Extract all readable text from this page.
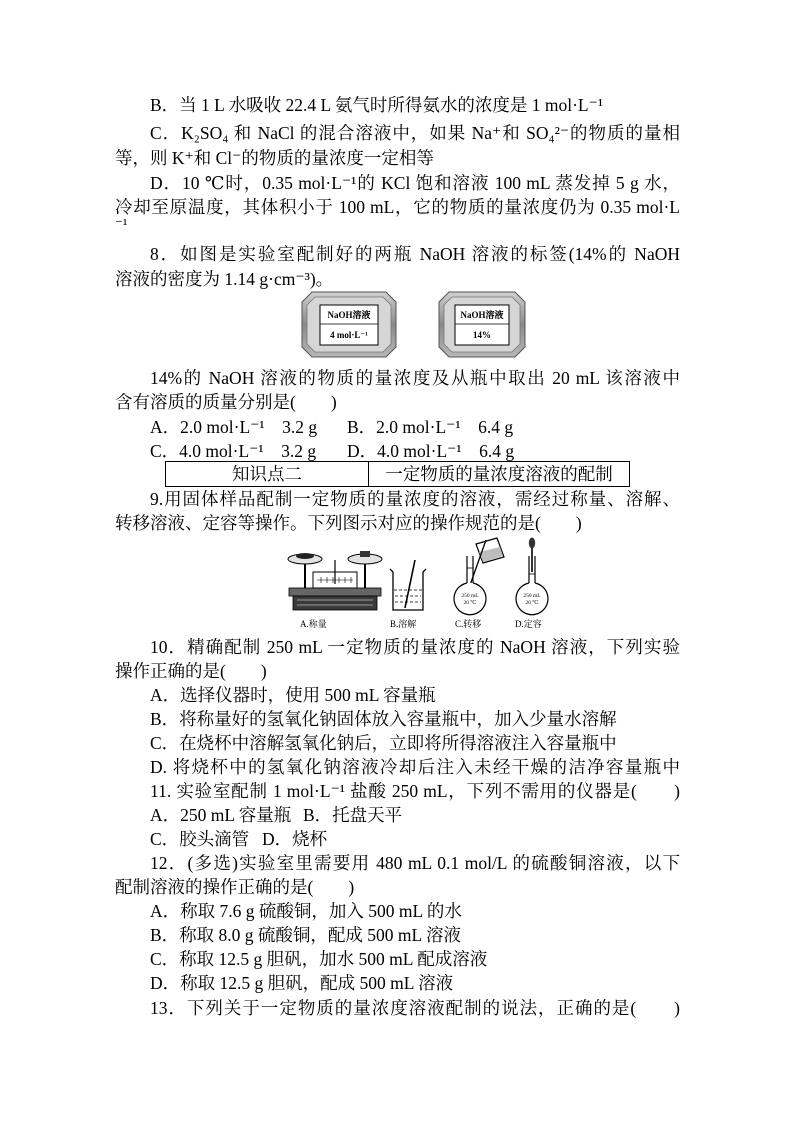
B．当 1 L 水吸收 22.4 L 氨气时所得氨水的浓度是 1 mol·L⁻¹
C．K₂SO₄ 和 NaCl 的混合溶液中，如果 Na⁺和 SO₄²⁻的物质的量相
等，则 K⁺和 Cl⁻的物质的量浓度一定相等
D．10 ℃时，0.35 mol·L⁻¹的 KCl 饱和溶液 100 mL 蒸发掉 5 g 水，
冷却至原温度，其体积小于 100 mL，它的物质的量浓度仍为 0.35 mol·L
⁻¹
8．如图是实验室配制好的两瓶 NaOH 溶液的标签(14%的 NaOH
溶液的密度为 1.14 g·cm⁻³)。
NaOH溶液
4 mol·L⁻¹
NaOH溶液
14%
14%的 NaOH 溶液的物质的量浓度及从瓶中取出 20 mL 该溶液中
含有溶质的质量分别是(　　)
A．2.0 mol·L⁻¹　3.2 g B．2.0 mol·L⁻¹　6.4 g
C．4.0 mol·L⁻¹　3.2 g D．4.0 mol·L⁻¹　6.4 g
知识点二	一定物质的量浓度溶液的配制
9.用固体样品配制一定物质的量浓度的溶液，需经过称量、溶解、
转移溶液、定容等操作。下列图示对应的操作规范的是(　　)
A.称量	B.溶解
250 mL
20 ℃
C.转移
250 mL
20 ℃
D.定容
10．精确配制 250 mL 一定物质的量浓度的 NaOH 溶液，下列实验
操作正确的是(　　)
A．选择仪器时，使用 500 mL 容量瓶
B．将称量好的氢氧化钠固体放入容量瓶中，加入少量水溶解
C．在烧杯中溶解氢氧化钠后，立即将所得溶液注入容量瓶中
D. 将烧杯中的氢氧化钠溶液冷却后注入未经干燥的洁净容量瓶中
11. 实验室配制 1 mol·L⁻¹ 盐酸 250 mL，下列不需用的仪器是(　　)
A．250 mL 容量瓶 B．托盘天平
C．胶头滴管 D．烧杯
12．(多选)实验室里需要用 480 mL 0.1 mol/L 的硫酸铜溶液，以下
配制溶液的操作正确的是(　　)
A．称取 7.6 g 硫酸铜，加入 500 mL 的水
B．称取 8.0 g 硫酸铜，配成 500 mL 溶液
C．称取 12.5 g 胆矾，加水 500 mL 配成溶液
D．称取 12.5 g 胆矾，配成 500 mL 溶液
13．下列关于一定物质的量浓度溶液配制的说法，正确的是(　　)
